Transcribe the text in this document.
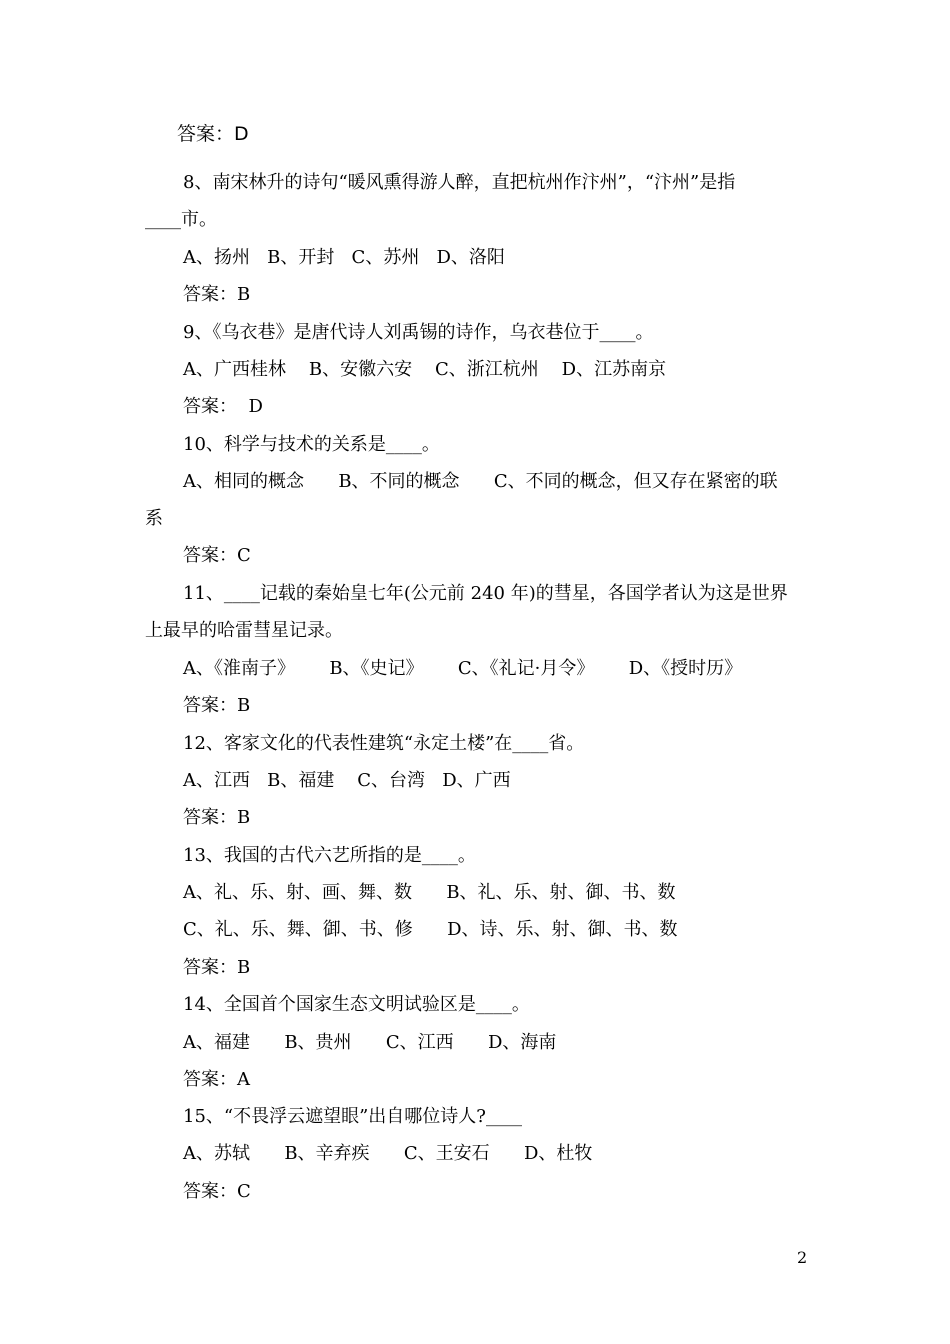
答案：D
8、南宋林升的诗句“暖风熏得游人醉，直把杭州作汴州”，“汴州”是指
____市。
A、扬州   B、开封   C、苏州   D、洛阳
答案：B
9、《乌衣巷》是唐代诗人刘禹锡的诗作，乌衣巷位于____。
A、广西桂林    B、安徽六安    C、浙江杭州    D、江苏南京
答案：  D
10、科学与技术的关系是____。
A、相同的概念      B、不同的概念      C、不同的概念，但又存在紧密的联
系
答案：C
11、____记载的秦始皇七年(公元前 240 年)的彗星，各国学者认为这是世界
上最早的哈雷彗星记录。
A、《淮南子》      B、《史记》      C、《礼记·月令》      D、《授时历》
答案：B
12、客家文化的代表性建筑“永定土楼”在____省。
A、江西   B、福建    C、台湾   D、广西
答案：B
13、我国的古代六艺所指的是____。
A、礼、乐、射、画、舞、数      B、礼、乐、射、御、书、数
C、礼、乐、舞、御、书、修      D、诗、乐、射、御、书、数
答案：B
14、全国首个国家生态文明试验区是____。
A、福建      B、贵州      C、江西      D、海南
答案：A
15、“不畏浮云遮望眼”出自哪位诗人?____
A、苏轼      B、辛弃疾      C、王安石      D、杜牧
答案：C
2
